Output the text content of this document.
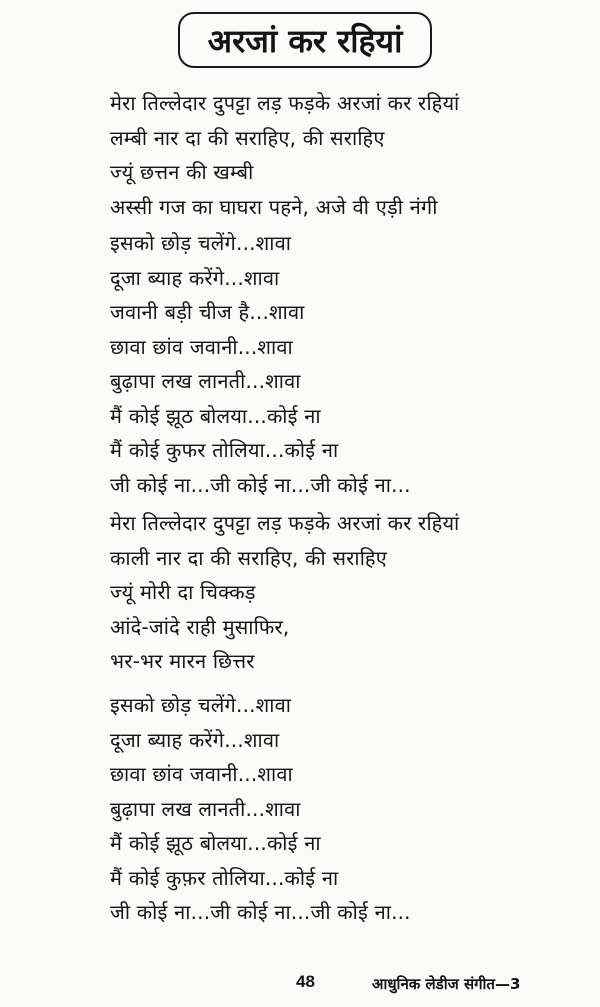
अरजां कर रहियां
मेरा तिल्लेदार दुपट्टा लड़ फड़के अरजां कर रहियां
लम्बी नार दा की सराहिए, की सराहिए
ज्यूं छत्तन की खम्बी
अस्सी गज का घाघरा पहने, अजे वी एड़ी नंगी
इसको छोड़ चलेंगे...शावा
दूजा ब्याह करेंगे...शावा
जवानी बड़ी चीज है...शावा
छावा छांव जवानी...शावा
बुढ़ापा लख लानती...शावा
मैं कोई झूठ बोलया...कोई ना
मैं कोई कुफर तोलिया...कोई ना
जी कोई ना...जी कोई ना...जी कोई ना...
मेरा तिल्लेदार दुपट्टा लड़ फड़के अरजां कर रहियां
काली नार दा की सराहिए, की सराहिए
ज्यूं मोरी दा चिक्कड़
आंदे-जांदे राही मुसाफिर,
भर-भर मारन छित्तर
इसको छोड़ चलेंगे...शावा
दूजा ब्याह करेंगे...शावा
छावा छांव जवानी...शावा
बुढ़ापा लख लानती...शावा
मैं कोई झूठ बोलया...कोई ना
मैं कोई कुफ़र तोलिया...कोई ना
जी कोई ना...जी कोई ना...जी कोई ना...
48	आधुनिक लेडीज संगीत—3
